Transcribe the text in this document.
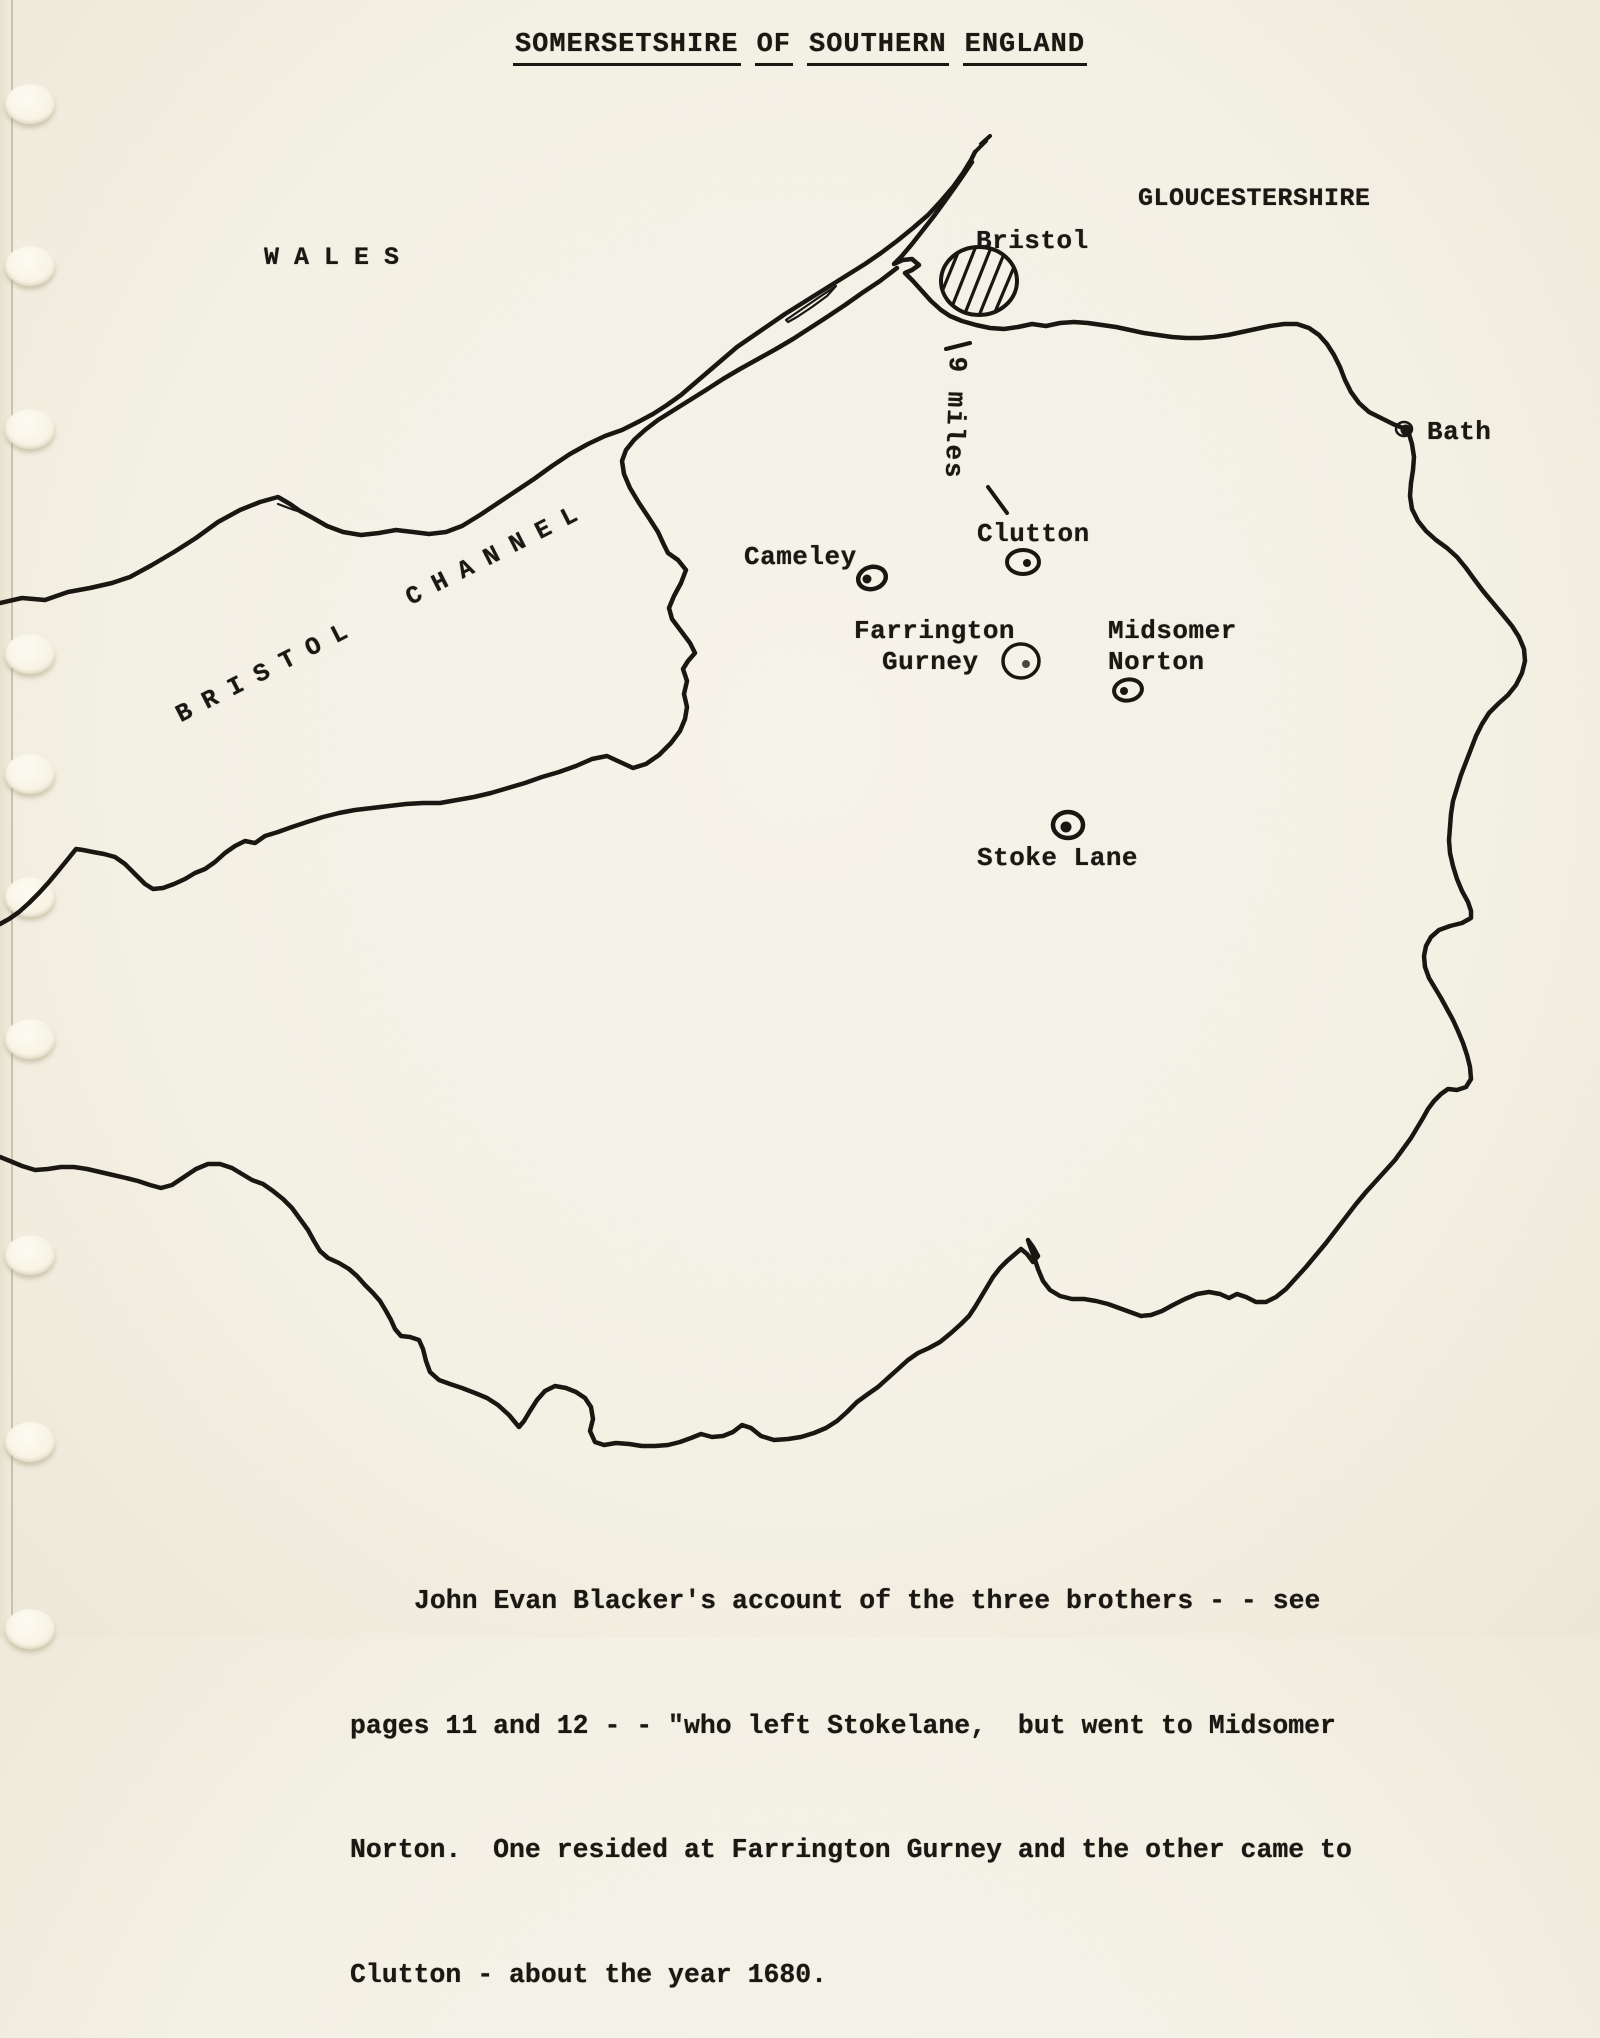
SOMERSETSHIRE OF SOUTHERN ENGLAND
WALES
GLOUCESTERSHIRE
BRISTOL CHANNEL
Bristol
Bath
Clutton
Cameley
Farrington
Gurney
Midsomer
Norton
Stoke Lane
9 miles

John Evan Blacker's account of the three brothers - - see

pages 11 and 12 - - "who left Stokelane,  but went to Midsomer

Norton.  One resided at Farrington Gurney and the other came to

Clutton - about the year 1680.
